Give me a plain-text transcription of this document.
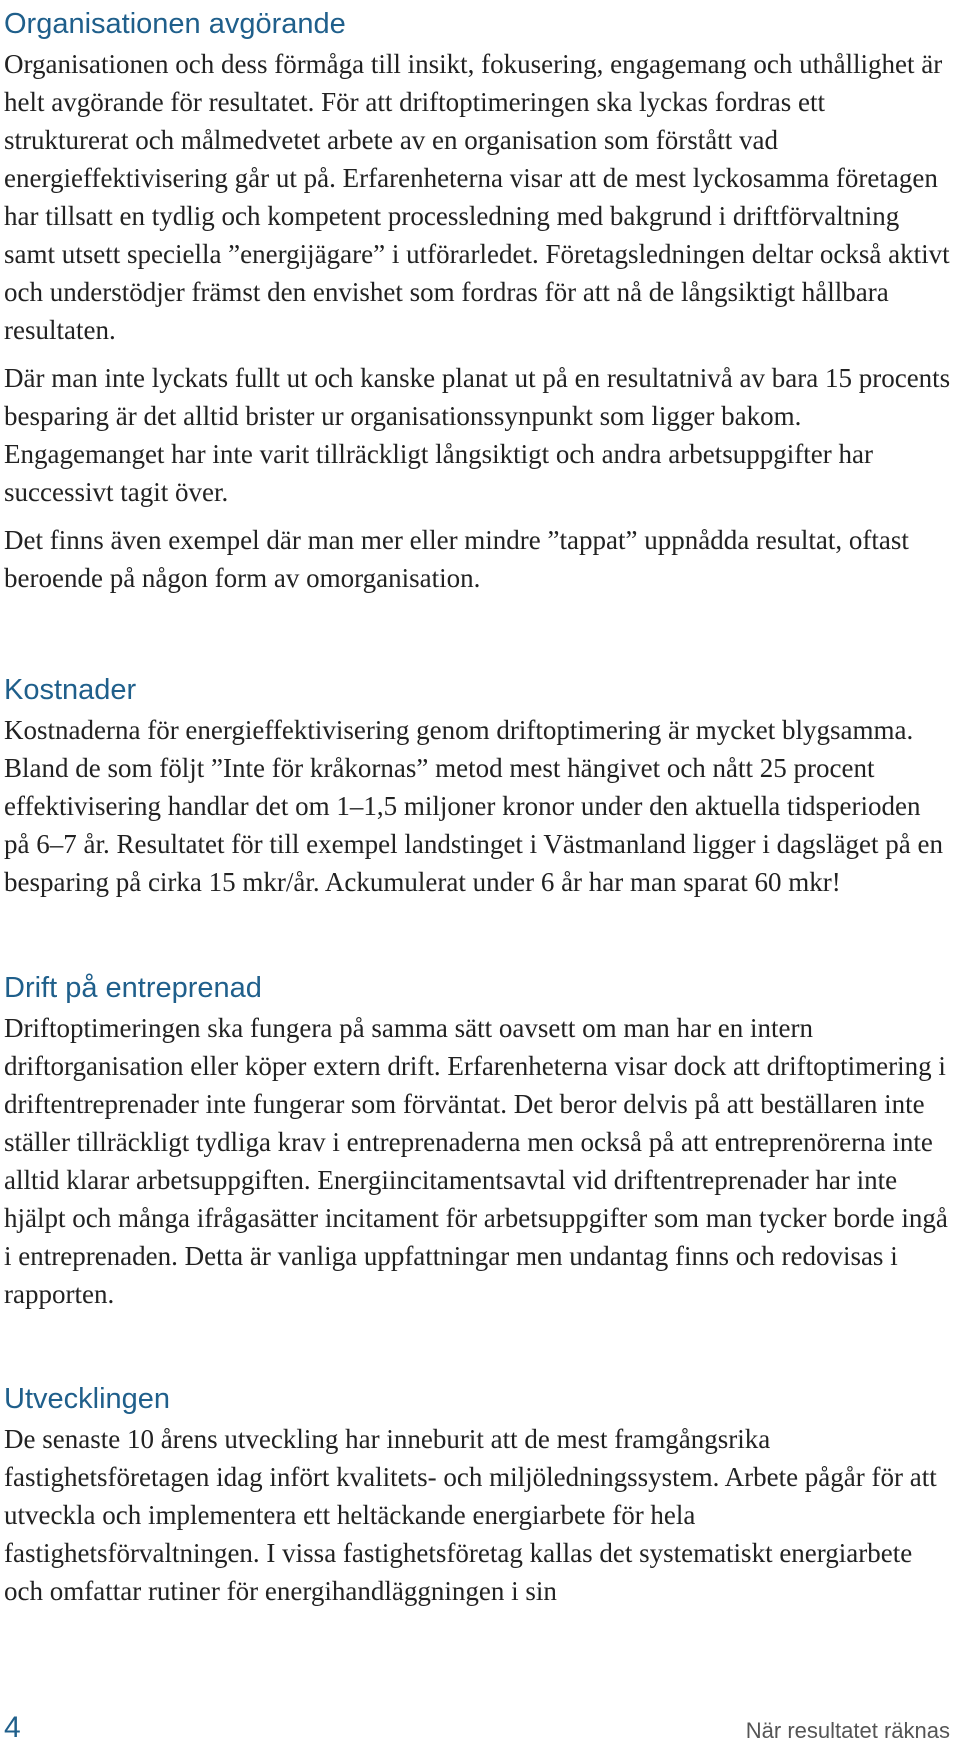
Organisationen avgörande

Organisationen och dess förmåga till insikt, fokusering, engagemang och uthållighet är helt avgörande för resultatet. För att driftoptimeringen ska lyckas fordras ett strukturerat och målmedvetet arbete av en organisation som förstått vad energieffektivisering går ut på. Erfarenheterna visar att de mest lyckosamma företagen har tillsatt en tydlig och kompetent processledning med bakgrund i driftförvaltning samt utsett speciella ”energijägare” i utförarledet. Företagsledningen deltar också aktivt och understödjer främst den envishet som fordras för att nå de långsiktigt hållbara resultaten.

Där man inte lyckats fullt ut och kanske planat ut på en resultatnivå av bara 15 procents besparing är det alltid brister ur organisationssynpunkt som ligger bakom. Engagemanget har inte varit tillräckligt långsiktigt och andra arbetsuppgifter har successivt tagit över.

Det finns även exempel där man mer eller mindre ”tappat” uppnådda resultat, oftast beroende på någon form av omorganisation.

Kostnader

Kostnaderna för energieffektivisering genom driftoptimering är mycket blygsamma. Bland de som följt ”Inte för kråkornas” metod mest hängivet och nått 25 procent effektivisering handlar det om 1–1,5 miljoner kronor under den aktuella tidsperioden på 6–7 år. Resultatet för till exempel landstinget i Västmanland ligger i dagsläget på en besparing på cirka 15 mkr/år. Ackumulerat under 6 år har man sparat 60 mkr!

Drift på entreprenad

Driftoptimeringen ska fungera på samma sätt oavsett om man har en intern driftorganisation eller köper extern drift. Erfarenheterna visar dock att driftoptimering i driftentreprenader inte fungerar som förväntat. Det beror delvis på att beställaren inte ställer tillräckligt tydliga krav i entreprenaderna men också på att entreprenörerna inte alltid klarar arbetsuppgiften. Energiincitamentsavtal vid driftentreprenader har inte hjälpt och många ifrågasätter incitament för arbetsuppgifter som man tycker borde ingå i entreprenaden. Detta är vanliga uppfattningar men undantag finns och redovisas i rapporten.

Utvecklingen

De senaste 10 årens utveckling har inneburit att de mest framgångsrika fastighetsföretagen idag infört kvalitets- och miljöledningssystem. Arbete pågår för att utveckla och implementera ett heltäckande energiarbete för hela fastighetsförvaltningen. I vissa fastighetsföretag kallas det systematiskt energiarbete och omfattar rutiner för energihandläggningen i sin

4	När resultatet räknas
